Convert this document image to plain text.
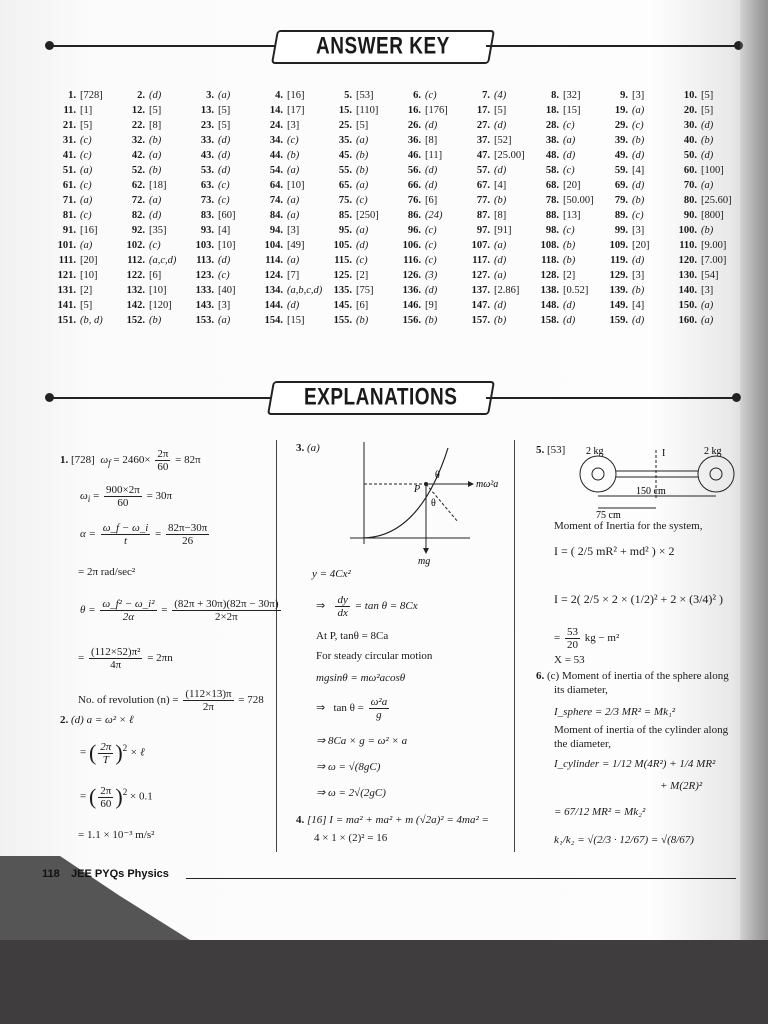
ANSWER KEY
1. [728]	2. (d)	3. (a)	4. [16]	5. [53]	6. (c)	7. (4)	8. [32]	9. [3]	10. [5]
11. [1]	12. [5]	13. [5]	14. [17]	15. [110]	16. [176]	17. [5]	18. [15]	19. (a)	20. [5]
21. [5]	22. [8]	23. [5]	24. [3]	25. [5]	26. (d)	27. (d)	28. (c)	29. (c)	30. (d)
31. (c)	32. (b)	33. (d)	34. (c)	35. (a)	36. [8]	37. [52]	38. (a)	39. (b)	40. (b)
41. (c)	42. (a)	43. (d)	44. (b)	45. (b)	46. [11]	47. [25.00]	48. (d)	49. (d)	50. (d)
51. (a)	52. (b)	53. (d)	54. (a)	55. (b)	56. (d)	57. (d)	58. (c)	59. [4]	60. [100]
61. (c)	62. [18]	63. (c)	64. [10]	65. (a)	66. (d)	67. [4]	68. [20]	69. (d)	70. (a)
71. (a)	72. (a)	73. (c)	74. (a)	75. (c)	76. [6]	77. (b)	78. [50.00]	79. (b)	80. [25.60]
81. (c)	82. (d)	83. [60]	84. (a)	85. [250]	86. (24)	87. [8]	88. [13]	89. (c)	90. [800]
91. [16]	92. [35]	93. [4]	94. [3]	95. (a)	96. (c)	97. [91]	98. (c)	99. [3]	100. (b)
101. (a)	102. (c)	103. [10]	104. [49]	105. (d)	106. (c)	107. (a)	108. (b)	109. [20]	110. [9.00]
111. [20]	112. (a,c,d)	113. (d)	114. (a)	115. (c)	116. (c)	117. (d)	118. (b)	119. (d)	120. [7.00]
121. [10]	122. [6]	123. (c)	124. [7]	125. [2]	126. (3)	127. (a)	128. [2]	129. [3]	130. [54]
131. [2]	132. [10]	133. [40]	134. (a,b,c,d)	135. [75]	136. (d)	137. [2.86]	138. [0.52]	139. (b)	140. [3]
141. [5]	142. [120]	143. [3]	144. (d)	145. [6]	146. [9]	147. (d)	148. (d)	149. [4]	150. (a)
151. (b, d)	152. (b)	153. (a)	154. [15]	155. (b)	156. (b)	157. (b)	158. (d)	159. (d)	160. (a)
EXPLANATIONS
1. [728] $\omega_f = 2460\times \frac{2\pi}{60} = 82\pi$
$\omega_i = \frac{900\times 2\pi}{60} = 30\pi$
$\alpha = \frac{\omega\_f - \omega\_i}{t} = \frac{82\pi-30\pi}{26}$
= 2π rad/sec²
$\theta = \frac{\text{ω\_f² − ω\_i²}}{2\alpha} = \frac{(82\pi + 30\pi)(82\pi - 30\pi)}{2\times 2\pi}$
= $\frac{\text{(112×52)π²}}{4\pi} = 2\pi n$
No. of revolution $(n) = \frac{(112\times 13)\pi}{2\pi} = 728$
2. (d) a = ω² × ℓ
= ( $\frac{2\pi}{T} )^2$ × ℓ
= ( $\frac{2\pi}{60} )^2 \times 0.1$
= 1.1 × 10⁻³ m/s²
3. (a)
P
θ
θ
mω²a
mg
y = 4Cx²
⇒ $\frac{dy}{dx} = \tan \theta = 8Cx$
At P, tanθ = 8Ca
For steady circular motion
mgsinθ = mω²acosθ
⇒ $\tan \theta = \frac{\text{ω²a}}{g}$
⇒ 8Ca × g = ω² × a
⇒ ω = √(8gC)
⇒ ω = 2√(2gC)
4. [16] I = ma² + ma² + m (√2a)² = 4ma² =
4 × 1 × (2)² = 16
5. [53] 2 kg	2 kg
I
150 cm
75 cm
Moment of Inertia for the system,
I = ( 2/5 mR² + md² ) × 2
I = 2( 2/5 × 2 × (1/2)² + 2 × (3/4)² )
= $\frac{53}{20}$ kg − m²
X = 53
6. (c) Moment of inertia of the sphere along
its diameter,
I_sphere = 2/3 MR² = Mk₁²
Moment of inertia of the cylinder along
the diameter,
I_cylinder = 1/12 M(4R²) + 1/4 MR²
+ M(2R)²
= 67/12 MR² = Mk₂²
k₁/k₂ = √(2/3 · 12/67) = √(8/67)
118 JEE PYQs Physics
